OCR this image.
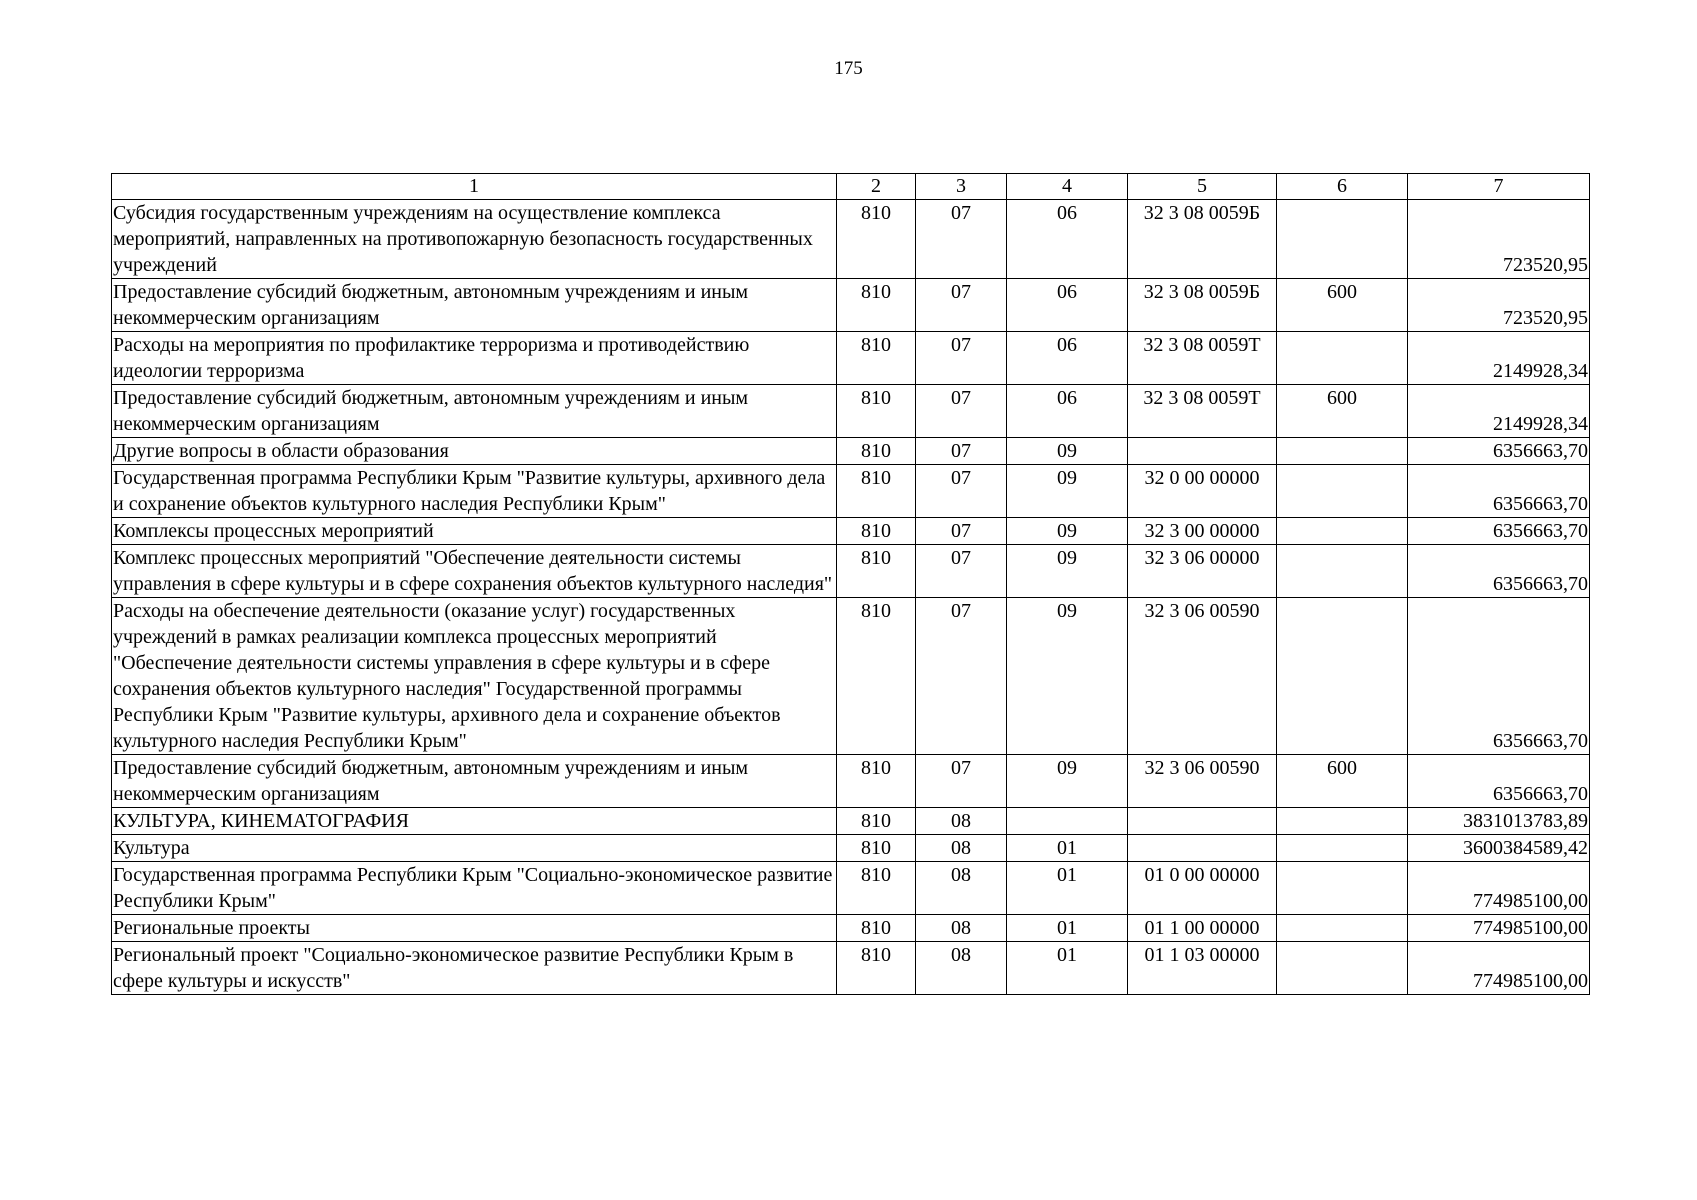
175
1	2	3	4	5	6	7
Субсидия государственным учреждениям на осуществление комплекса мероприятий, направленных на противопожарную безопасность государственных учреждений	810	07	06	32 3 08 0059Б		723520,95
Предоставление субсидий бюджетным, автономным учреждениям и иным некоммерческим организациям	810	07	06	32 3 08 0059Б	600	723520,95
Расходы на мероприятия по профилактике терроризма и противодействию идеологии терроризма	810	07	06	32 3 08 0059Т		2149928,34
Предоставление субсидий бюджетным, автономным учреждениям и иным некоммерческим организациям	810	07	06	32 3 08 0059Т	600	2149928,34
Другие вопросы в области образования	810	07	09			6356663,70
Государственная программа Республики Крым "Развитие культуры, архивного дела и сохранение объектов культурного наследия Республики Крым"	810	07	09	32 0 00 00000		6356663,70
Комплексы процессных мероприятий	810	07	09	32 3 00 00000		6356663,70
Комплекс процессных мероприятий "Обеспечение деятельности системы управления в сфере культуры и в сфере сохранения объектов культурного наследия"	810	07	09	32 3 06 00000		6356663,70
Расходы на обеспечение деятельности (оказание услуг) государственных учреждений в рамках реализации комплекса процессных мероприятий "Обеспечение деятельности системы управления в сфере культуры и в сфере сохранения объектов культурного наследия" Государственной программы Республики Крым "Развитие культуры, архивного дела и сохранение объектов культурного наследия Республики Крым"	810	07	09	32 3 06 00590		6356663,70
Предоставление субсидий бюджетным, автономным учреждениям и иным некоммерческим организациям	810	07	09	32 3 06 00590	600	6356663,70
КУЛЬТУРА, КИНЕМАТОГРАФИЯ	810	08				3831013783,89
Культура	810	08	01			3600384589,42
Государственная программа Республики Крым "Социально-экономическое развитие Республики Крым"	810	08	01	01 0 00 00000		774985100,00
Региональные проекты	810	08	01	01 1 00 00000		774985100,00
Региональный проект "Социально-экономическое развитие Республики Крым в сфере культуры и искусств"	810	08	01	01 1 03 00000		774985100,00
